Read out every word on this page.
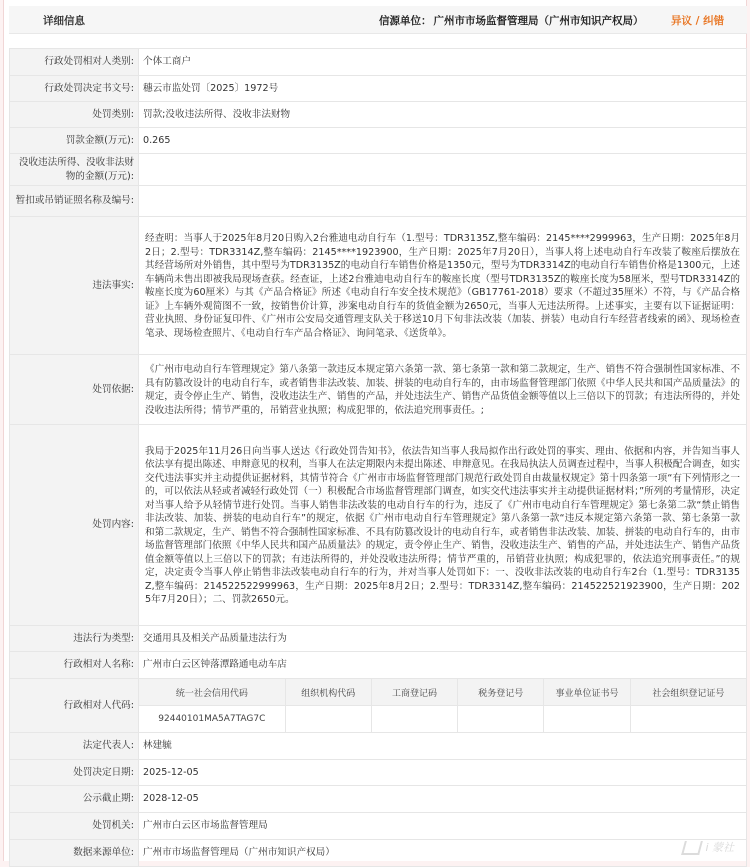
详细信息	信源单位： 广州市市场监督管理局（广州市知识产权局）	异议 / 纠错
行政处罚相对人类别:	个体工商户
行政处罚决定书文号:	穗云市监处罚〔2025〕1972号
处罚类别:	罚款;没收违法所得、没收非法财物
罚款金额(万元):	0.265
没收违法所得、没收非法财物的金额(万元):	
暂扣或吊销证照名称及编号:	
违法事实:	经查明：当事人于2025年8月20日购入2台雅迪电动自行车（1.型号：TDR3135Z,整车编码：2145****2999963，生产日期：2025年8月2日；2.型号：TDR3314Z,整车编码：2145****1923900，生产日期：2025年7月20日），当事人将上述电动自行车改装了鞍座后摆放在其经营场所对外销售，其中型号为TDR3135Z的电动自行车销售价格是1350元，型号为TDR3314Z的电动自行车销售价格是1300元，上述车辆尚未售出即被我局现场查获。经查证，上述2台雅迪电动自行车的鞍座长度（型号TDR3135Z的鞍座长度为58厘米，型号TDR3314Z的鞍座长度为60厘米）与其《产品合格证》所述《电动自行车安全技术规范》（GB17761-2018）要求（不超过35厘米）不符，与《产品合格证》上车辆外观简图不一致，按销售价计算，涉案电动自行车的货值金额为2650元，当事人无违法所得。上述事实，主要有以下证据证明：营业执照、身份证复印件、《广州市公安局交通管理支队关于移送10月下旬非法改装（加装、拼装）电动自行车经营者线索的函》、现场检查笔录、现场检查照片、《电动自行车产品合格证》、询问笔录、《送货单》。
处罚依据:	《广州市电动自行车管理规定》第八条第一款违反本规定第六条第一款、第七条第一款和第二款规定，生产、销售不符合强制性国家标准、不具有防篡改设计的电动自行车，或者销售非法改装、加装、拼装的电动自行车的，由市场监督管理部门依照《中华人民共和国产品质量法》的规定，责令停止生产、销售，没收违法生产、销售的产品，并处违法生产、销售产品货值金额等值以上三倍以下的罚款；有违法所得的，并处没收违法所得；情节严重的，吊销营业执照；构成犯罪的，依法追究刑事责任。;
处罚内容:	我局于2025年11月26日向当事人送达《行政处罚告知书》，依法告知当事人我局拟作出行政处罚的事实、理由、依据和内容，并告知当事人依法享有提出陈述、申辩意见的权利，当事人在法定期限内未提出陈述、申辩意见。在我局执法人员调查过程中，当事人积极配合调查，如实交代违法事实并主动提供证据材料，其情节符合《广州市市场监督管理部门规范行政处罚自由裁量权规定》第十四条第一项“有下列情形之一的，可以依法从轻或者减轻行政处罚（一）积极配合市场监督管理部门调查，如实交代违法事实并主动提供证据材料；”所列的考量情形，决定对当事人给予从轻情节进行处罚。当事人销售非法改装的电动自行车的行为，违反了《广州市电动自行车管理规定》第七条第二款“禁止销售非法改装、加装、拼装的电动自行车”的规定，依据《广州市电动自行车管理规定》第八条第一款“违反本规定第六条第一款、第七条第一款和第二款规定，生产、销售不符合强制性国家标准、不具有防篡改设计的电动自行车，或者销售非法改装、加装、拼装的电动自行车的，由市场监督管理部门依照《中华人民共和国产品质量法》的规定，责令停止生产、销售，没收违法生产、销售的产品，并处违法生产、销售产品货值金额等值以上三倍以下的罚款；有违法所得的，并处没收违法所得；情节严重的，吊销营业执照；构成犯罪的，依法追究刑事责任。”的规定，决定责令当事人停止销售非法改装电动自行车的行为，并对当事人处罚如下：一、没收非法改装的电动自行车2台（1.型号：TDR3135Z,整车编码：214522522999963，生产日期：2025年8月2日；2.型号：TDR3314Z,整车编码：214522521923900，生产日期：2025年7月20日）；二、罚款2650元。
违法行为类型:	交通用具及相关产品质量违法行为
行政相对人名称:	广州市白云区钟落潭路通电动车店
行政相对人代码:	
统一社会信用代码	组织机构代码	工商登记码	税务登记号	事业单位证书号	社会组织登记证号
92440101MA5A7TAG7C					

法定代表人:	林建毓
处罚决定日期:	2025-12-05
公示截止期:	2028-12-05
处罚机关:	广州市白云区市场监督管理局
数据来源单位:	广州市市场监督管理局（广州市知识产权局）	i 蒙社
